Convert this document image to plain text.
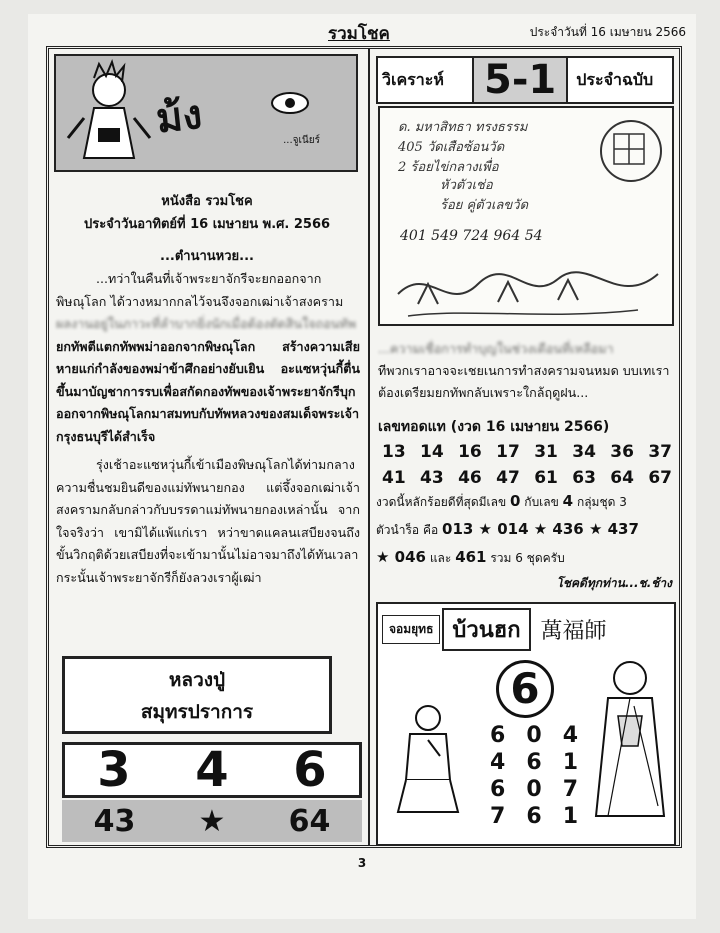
รวมโชค	ประจำวันที่ 16 เมษายน 2566
ม้ง	...จูเนียร์
หนังสือ รวมโชค
ประจำวันอาทิตย์ที่ 16 เมษายน พ.ศ. 2566
...ตำนานหวย...

...ทว่าในคืนที่เจ้าพระยาจักรีจะยกออกจากพิษณุโลก ได้วางหมากกลไว้จนจึงจอกเฒ่าเจ้าสงคราม

ผลงานอยู่ในภาวะที่ลำบากยิ่งนักเมื่อต้องตัดสินใจถอนทัพ

ยกทัพตีแตกทัพพม่าออกจากพิษณุโลก สร้างความเสียหายแก่กำลังของพม่าข้าศึกอย่างยับเยิน อะแซหวุ่นกี้ตื่นขึ้นมาบัญชาการรบเพื่อสกัดกองทัพของเจ้าพระยาจักรีบุกออกจากพิษณุโลกมาสมทบกับทัพหลวงของสมเด็จพระเจ้ากรุงธนบุรีได้สำเร็จ

รุ่งเช้าอะแซหวุ่นกี้เข้าเมืองพิษณุโลกได้ท่ามกลางความชื่นชมยินดีของแม่ทัพนายกอง แต่จึ้งจอกเฒ่าเจ้าสงครามกลับกล่าวกับบรรดาแม่ทัพนายกองเหล่านั้น จากใจจริงว่า เขามิได้แพ้แก่เรา หว่าขาดแคลนเสบียงจนถึงขั้นวิกฤติด้วยเสบียงที่จะเข้ามานั้นไม่อาจมาถึงได้ทันเวลา กระนั้นเจ้าพระยาจักรีก็ยังลวงเราผู้เฒ่า

หลวงปู่
สมุทรปราการ
3 4 6
43 ★ 64
วิเคราะห์	5-1	ประจำฉบับ
ด. มหาสิทธา ทรงธรรม
405 วัดเสือซ้อนวัด
2 ร้อยไข่กลางเพื่อ
หัวตัวเช่อ
ร้อย คู่ตัวเลขวัด
401 549 724 964 54
...ความเชื่อการทำบุญในช่วงเดือนที่เหลือมา
ทีพวกเราอาจจะเชยเนการทำสงครามจนหมด บบเทเราต้องเตรียมยกทัพกลับเพราะใกล้ฤดูฝน...
เลขทอดแท (งวด 16 เมษายน 2566)
13 14 16 17 31 34 36 37
41 43 46 47 61 63 64 67
งวดนี้หลักร้อยดีที่สุดมีเลข 0 กับเลข 4 กลุ่มชุด 3
ตัวนำร็อ คือ 013 ★ 014 ★ 436 ★ 437
★ 046 และ 461 รวม 6 ชุดครับ
โชคดีทุกท่าน...ช.ช้าง
จอมยุทธ บ้วนฮก 萬福師
6
6 0 4
4 6 1
6 0 7
7 6 1
3
